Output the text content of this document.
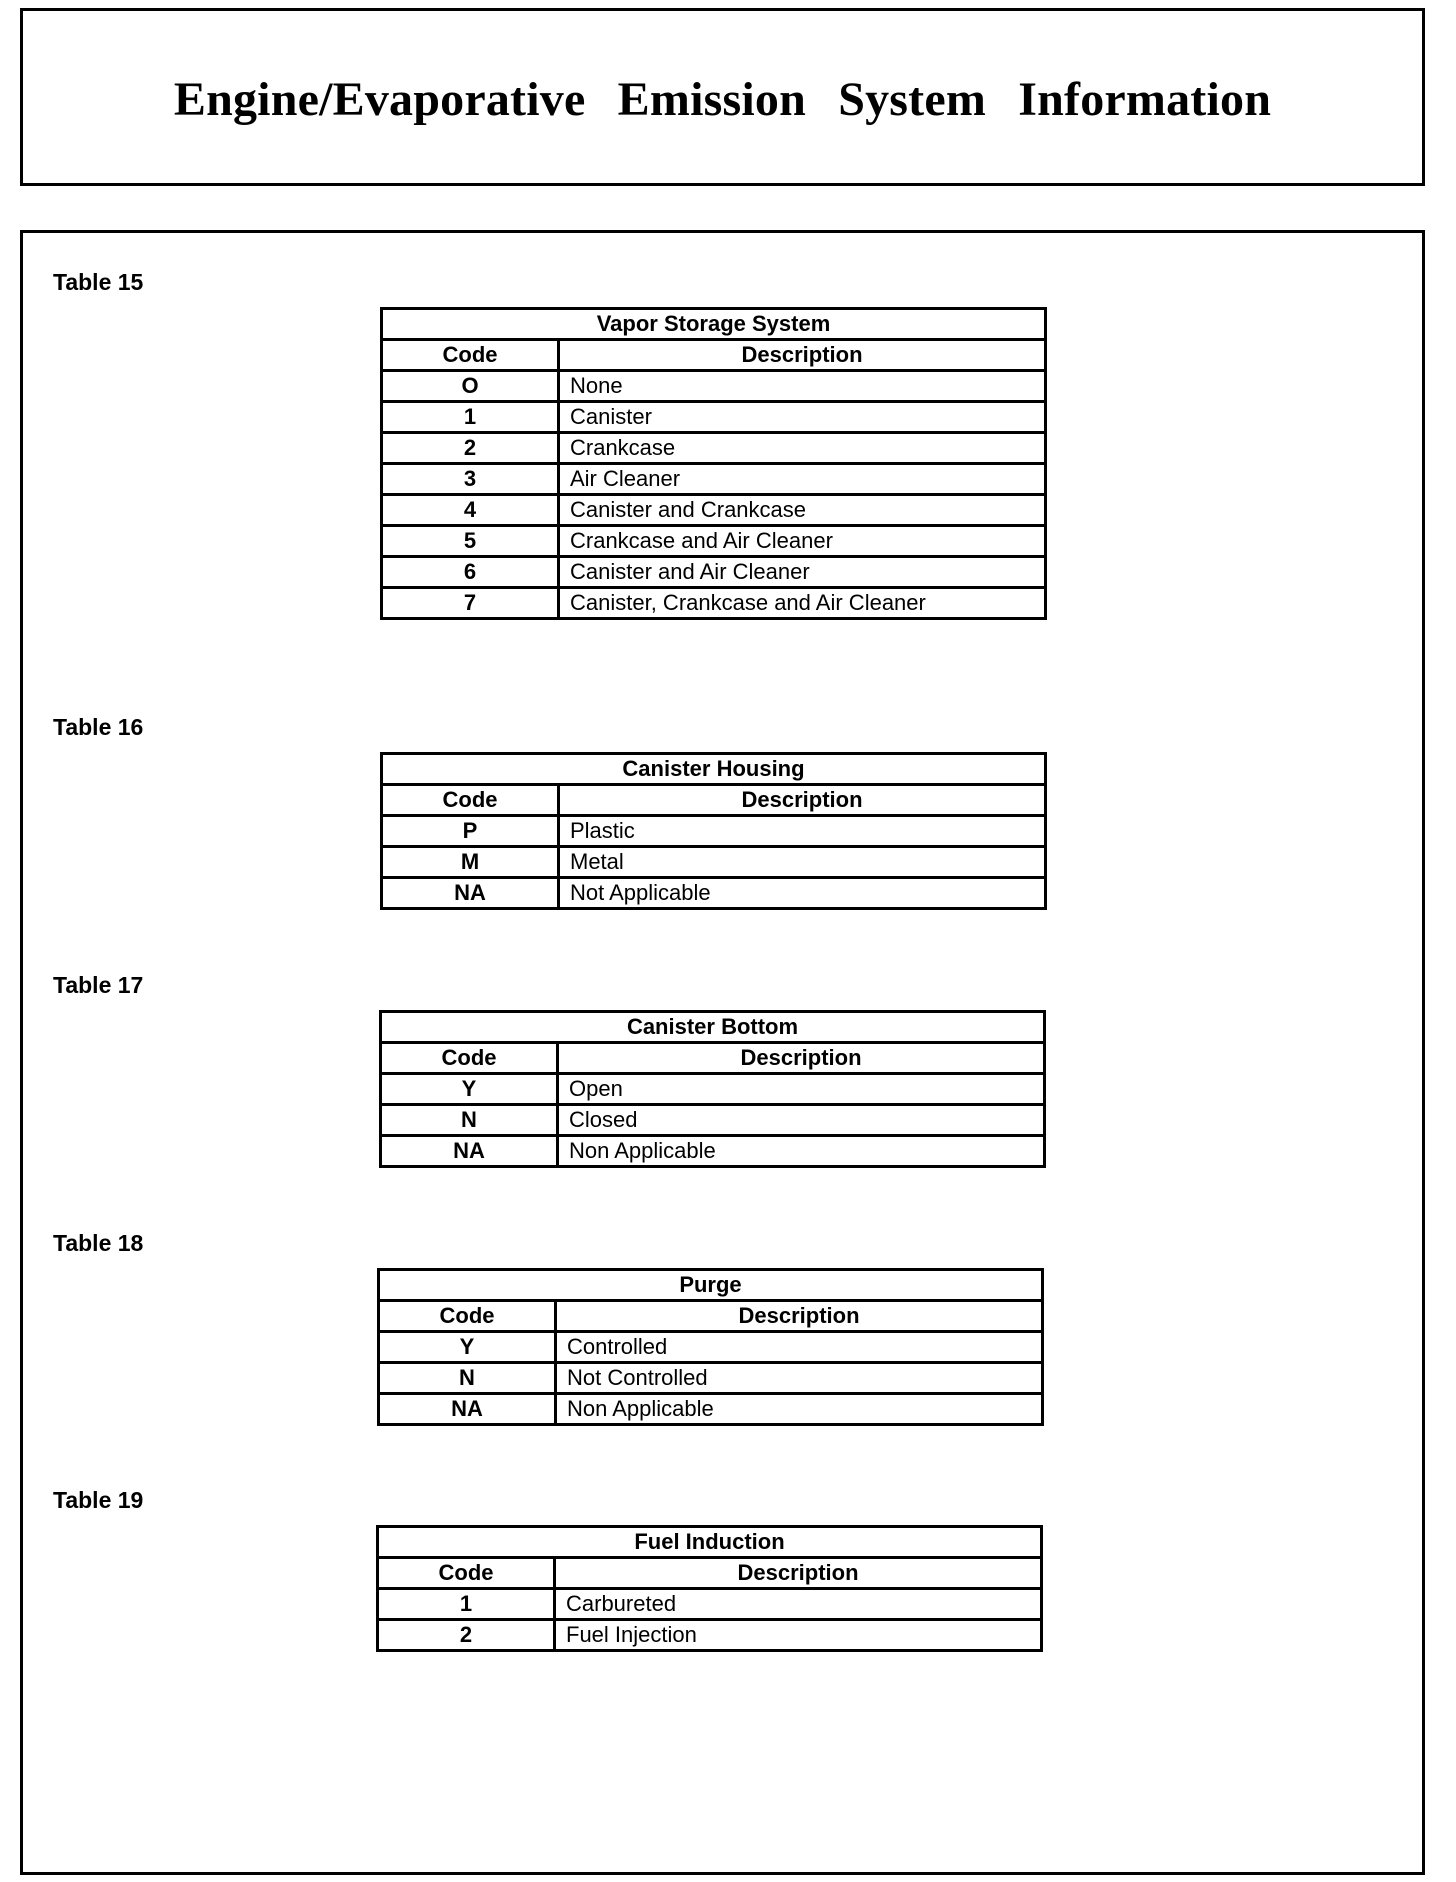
Engine/Evaporative Emission System Information
Table 15
Vapor Storage System	
Code	Description
O	None
1	Canister
2	Crankcase
3	Air Cleaner
4	Canister and Crankcase
5	Crankcase and Air Cleaner
6	Canister and Air Cleaner
7	Canister, Crankcase and Air Cleaner
Table 16
Canister Housing	
Code	Description
P	Plastic
M	Metal
NA	Not Applicable
Table 17
Canister Bottom	
Code	Description
Y	Open
N	Closed
NA	Non Applicable
Table 18
Purge	
Code	Description
Y	Controlled
N	Not Controlled
NA	Non Applicable
Table 19
Fuel Induction	
Code	Description
1	Carbureted
2	Fuel Injection
